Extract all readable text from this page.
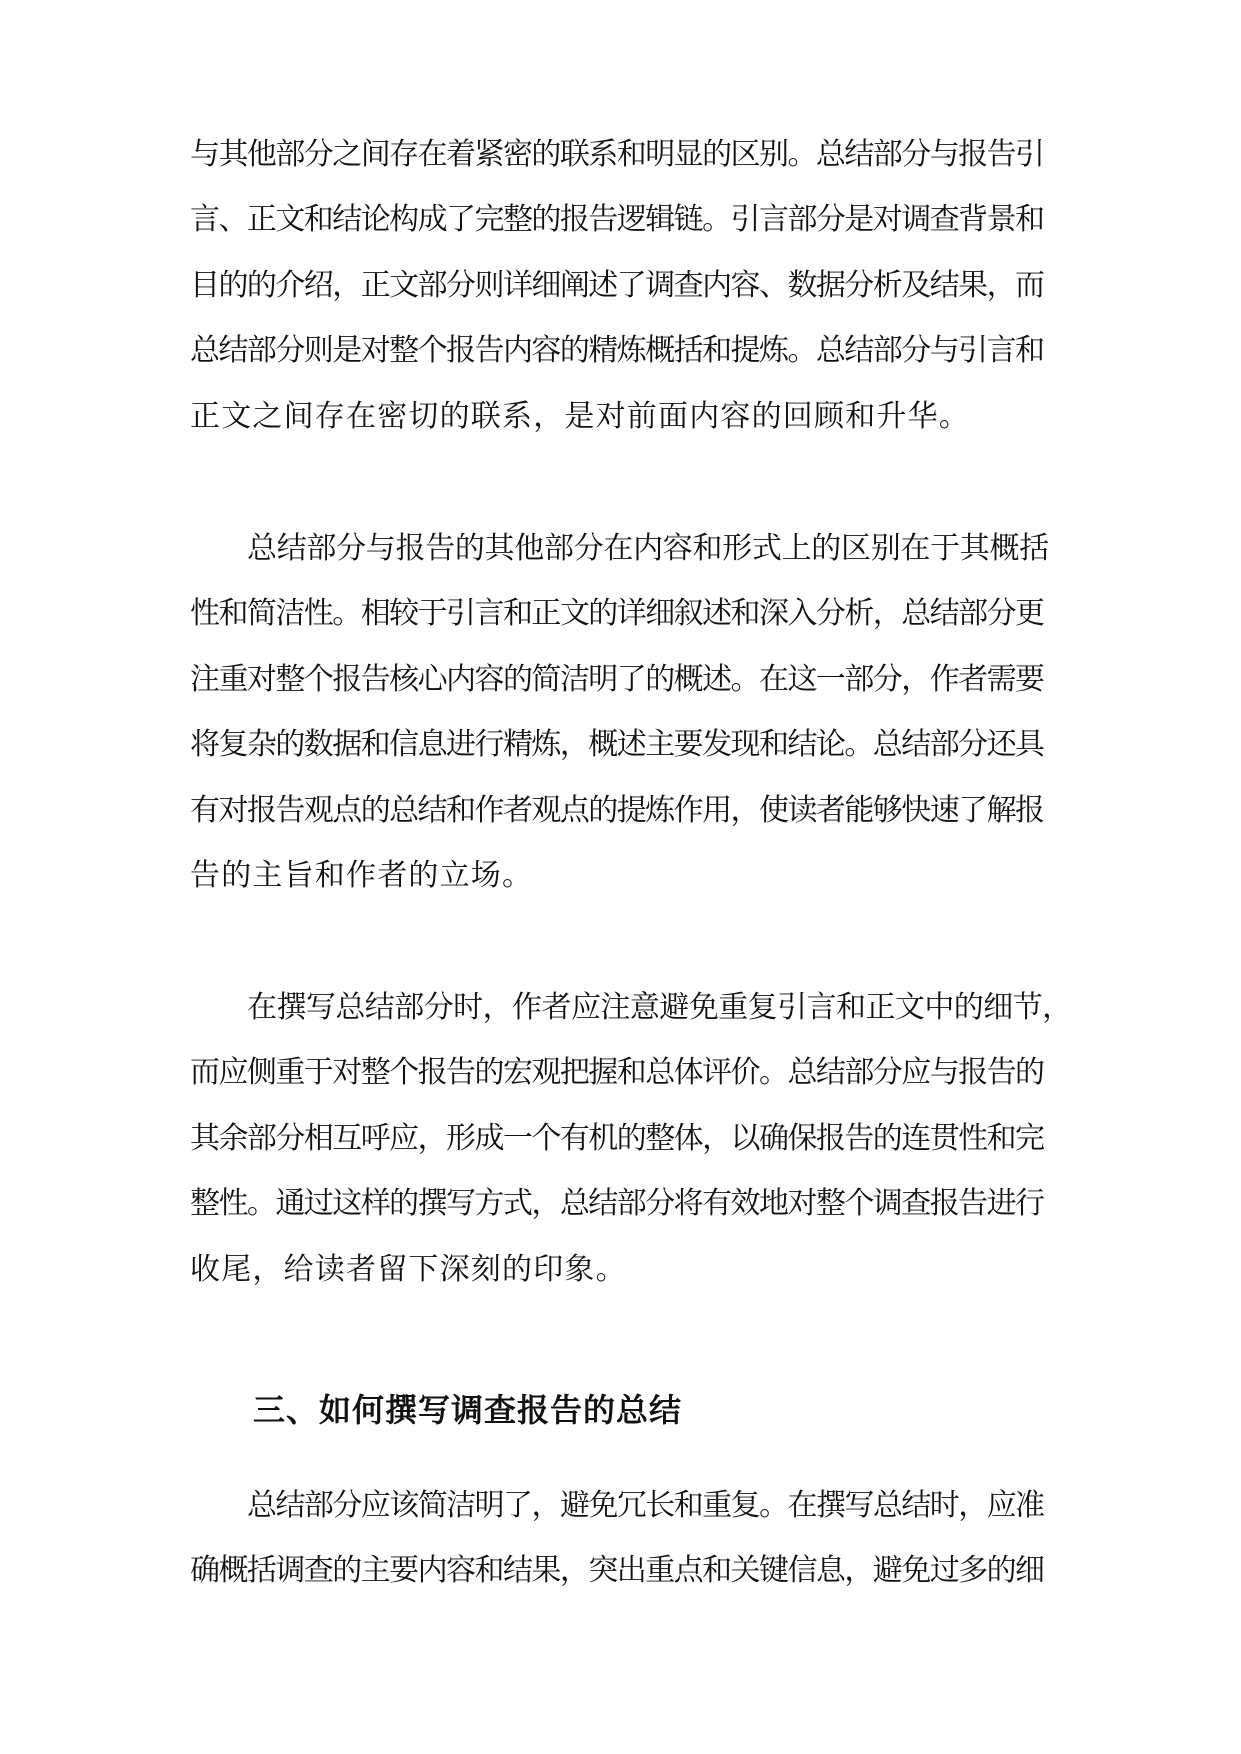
与其他部分之间存在着紧密的联系和明显的区别。总结部分与报告引
言、正文和结论构成了完整的报告逻辑链。引言部分是对调查背景和
目的的介绍，正文部分则详细阐述了调查内容、数据分析及结果，而
总结部分则是对整个报告内容的精炼概括和提炼。总结部分与引言和
正文之间存在密切的联系，是对前面内容的回顾和升华。
总结部分与报告的其他部分在内容和形式上的区别在于其概括
性和简洁性。相较于引言和正文的详细叙述和深入分析，总结部分更
注重对整个报告核心内容的简洁明了的概述。在这一部分，作者需要
将复杂的数据和信息进行精炼，概述主要发现和结论。总结部分还具
有对报告观点的总结和作者观点的提炼作用，使读者能够快速了解报
告的主旨和作者的立场。
在撰写总结部分时，作者应注意避免重复引言和正文中的细节，
而应侧重于对整个报告的宏观把握和总体评价。总结部分应与报告的
其余部分相互呼应，形成一个有机的整体，以确保报告的连贯性和完
整性。通过这样的撰写方式，总结部分将有效地对整个调查报告进行
收尾，给读者留下深刻的印象。
三、如何撰写调查报告的总结
总结部分应该简洁明了，避免冗长和重复。在撰写总结时，应准
确概括调查的主要内容和结果，突出重点和关键信息，避免过多的细
